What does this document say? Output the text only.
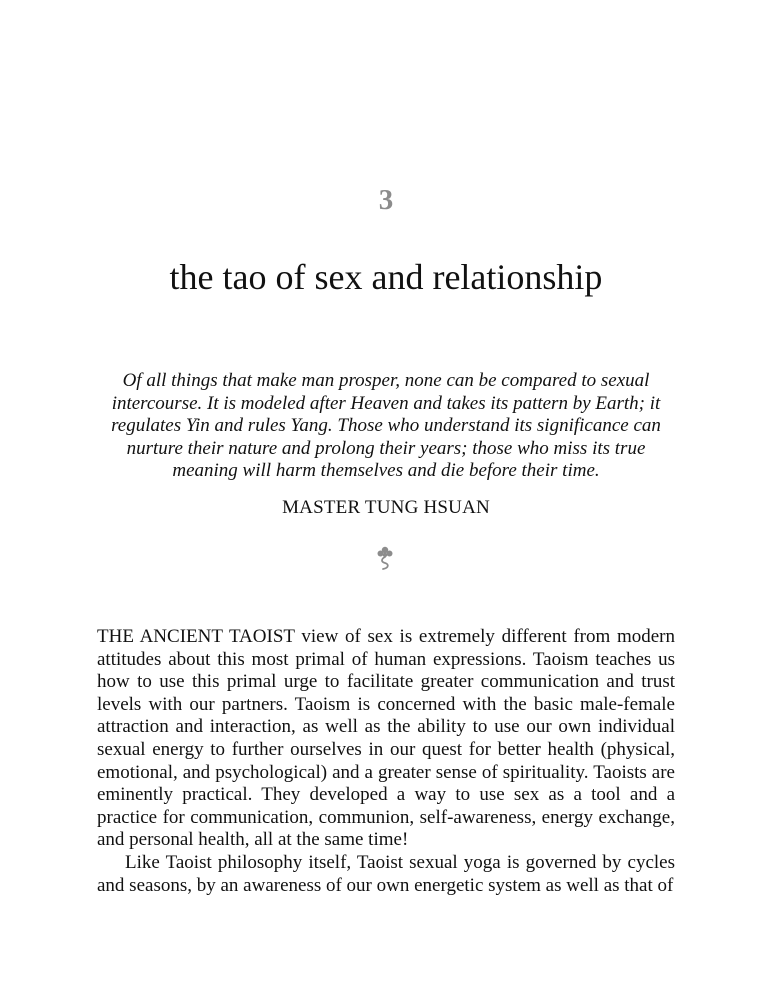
3
the tao of sex and relationship

Of all things that make man prosper, none can be compared to sexual intercourse. It is modeled after Heaven and takes its pattern by Earth; it regulates Yin and rules Yang. Those who understand its significance can nurture their nature and prolong their years; those who miss its true meaning will harm themselves and die before their time.

MASTER TUNG HSUAN

THE ANCIENT TAOIST view of sex is extremely different from modern attitudes about this most primal of human expressions. Taoism teaches us how to use this primal urge to facilitate greater communication and trust levels with our partners. Taoism is concerned with the basic male-female attraction and interaction, as well as the ability to use our own individual sexual energy to further ourselves in our quest for better health (physical, emotional, and psychological) and a greater sense of spirituality. Taoists are eminently practical. They developed a way to use sex as a tool and a practice for communication, communion, self-awareness, energy exchange, and personal health, all at the same time!

Like Taoist philosophy itself, Taoist sexual yoga is governed by cycles and seasons, by an awareness of our own energetic system as well as that of
